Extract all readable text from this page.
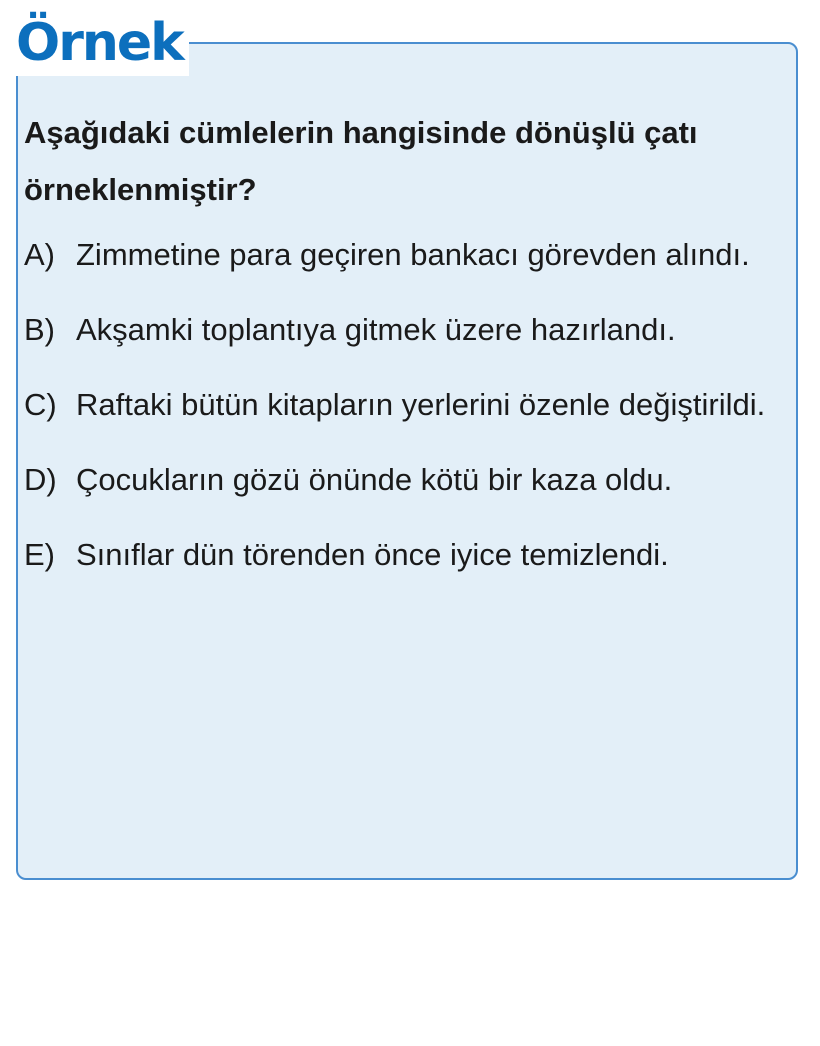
Örnek

Aşağıdaki cümlelerin hangisinde dönüşlü çatı örneklenmiştir?

A) Zimmetine para geçiren bankacı görevden alındı.
B) Akşamki toplantıya gitmek üzere hazırlandı.
C) Raftaki bütün kitapların yerlerini özenle değiştirildi.
D) Çocukların gözü önünde kötü bir kaza oldu.
E) Sınıflar dün törenden önce iyice temizlendi.
